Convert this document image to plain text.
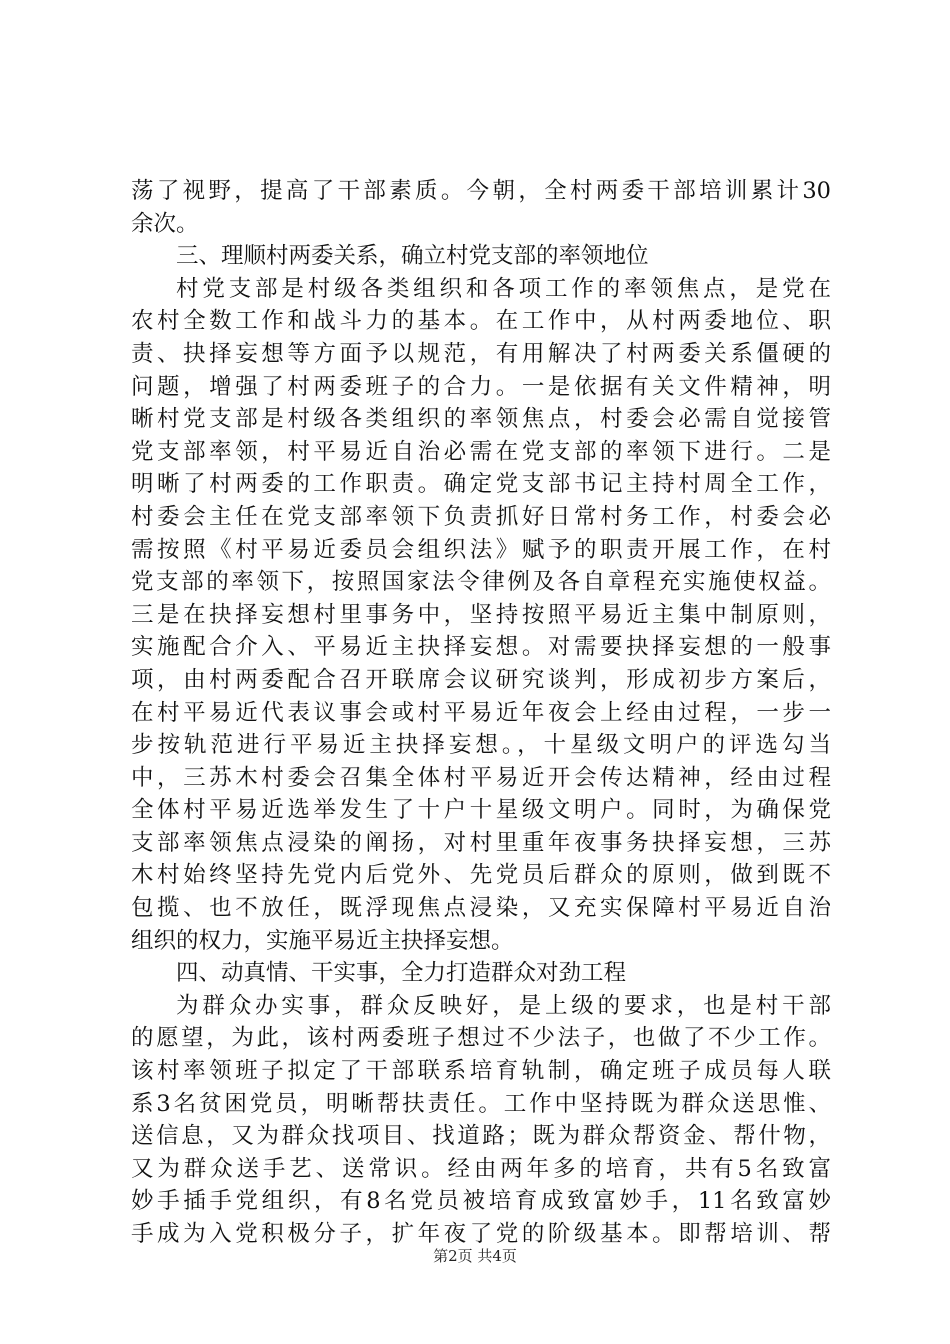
荡了视野，提高了干部素质。今朝，全村两委干部培训累计30
余次。
三、理顺村两委关系，确立村党支部的率领地位
村党支部是村级各类组织和各项工作的率领焦点，是党在
农村全数工作和战斗力的基本。在工作中，从村两委地位、职
责、抉择妄想等方面予以规范，有用解决了村两委关系僵硬的
问题，增强了村两委班子的合力。一是依据有关文件精神，明
晰村党支部是村级各类组织的率领焦点，村委会必需自觉接管
党支部率领，村平易近自治必需在党支部的率领下进行。二是
明晰了村两委的工作职责。确定党支部书记主持村周全工作，
村委会主任在党支部率领下负责抓好日常村务工作，村委会必
需按照《村平易近委员会组织法》赋予的职责开展工作，在村
党支部的率领下，按照国家法令律例及各自章程充实施使权益。
三是在抉择妄想村里事务中，坚持按照平易近主集中制原则，
实施配合介入、平易近主抉择妄想。对需要抉择妄想的一般事
项，由村两委配合召开联席会议研究谈判，形成初步方案后，
在村平易近代表议事会或村平易近年夜会上经由过程，一步一
步按轨范进行平易近主抉择妄想。，十星级文明户的评选勾当
中，三苏木村委会召集全体村平易近开会传达精神，经由过程
全体村平易近选举发生了十户十星级文明户。同时，为确保党
支部率领焦点浸染的阐扬，对村里重年夜事务抉择妄想，三苏
木村始终坚持先党内后党外、先党员后群众的原则，做到既不
包揽、也不放任，既浮现焦点浸染，又充实保障村平易近自治
组织的权力，实施平易近主抉择妄想。
四、动真情、干实事，全力打造群众对劲工程
为群众办实事，群众反映好，是上级的要求，也是村干部
的愿望，为此，该村两委班子想过不少法子，也做了不少工作。
该村率领班子拟定了干部联系培育轨制，确定班子成员每人联
系3名贫困党员，明晰帮扶责任。工作中坚持既为群众送思惟、
送信息，又为群众找项目、找道路；既为群众帮资金、帮什物，
又为群众送手艺、送常识。经由两年多的培育，共有5名致富
妙手插手党组织，有8名党员被培育成致富妙手，11名致富妙
手成为入党积极分子，扩年夜了党的阶级基本。即帮培训、帮
第2页 共4页
